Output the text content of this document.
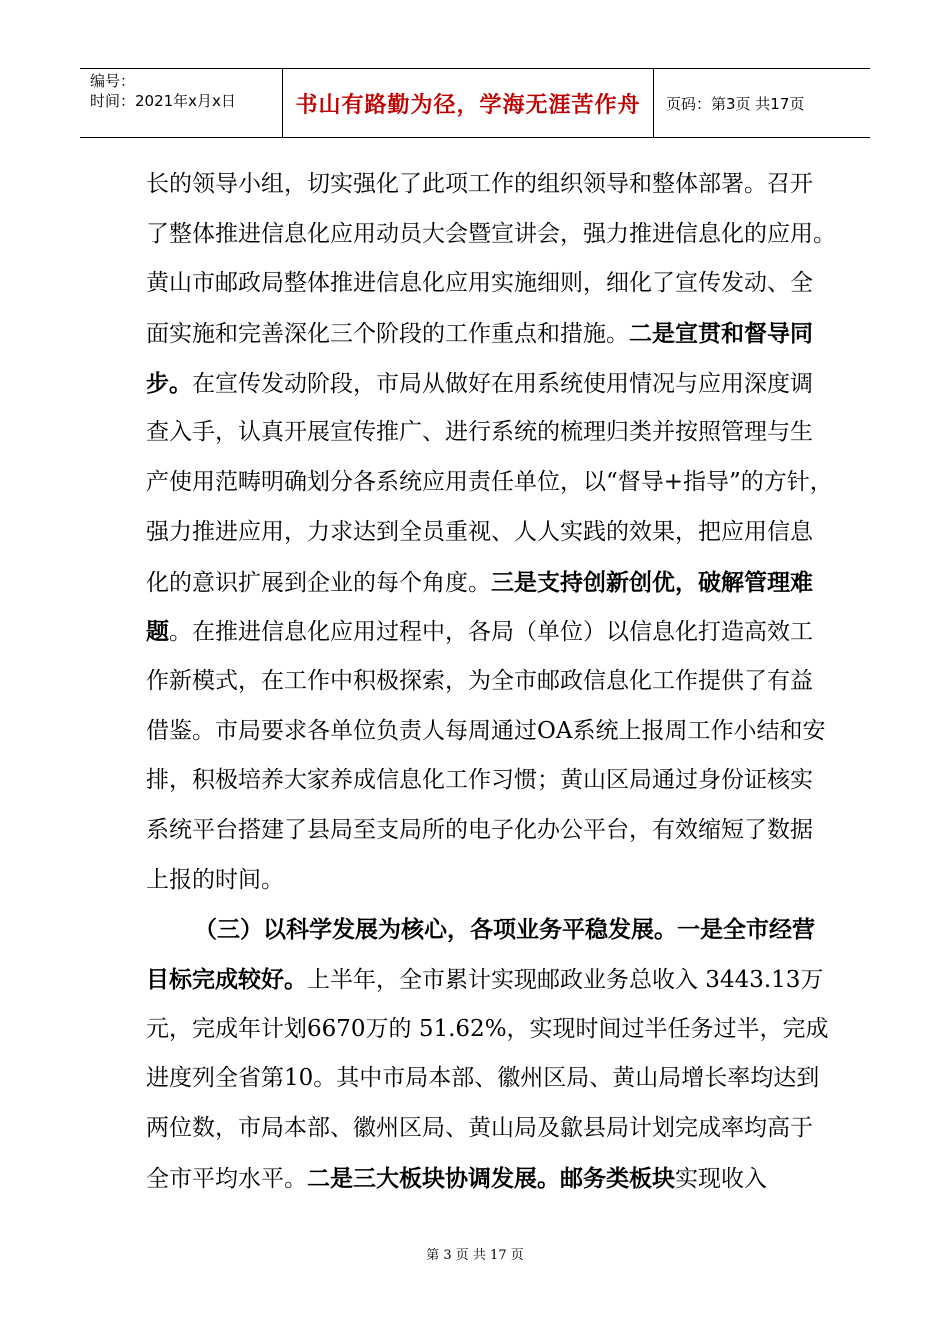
编号：
时间：2021年x月x日	书山有路勤为径，学海无涯苦作舟 页码：第3页 共17页
长的领导小组，切实强化了此项工作的组织领导和整体部署。召开
了整体推进信息化应用动员大会暨宣讲会，强力推进信息化的应用。
黄山市邮政局整体推进信息化应用实施细则，细化了宣传发动、全
面实施和完善深化三个阶段的工作重点和措施。二是宣贯和督导同
步。在宣传发动阶段，市局从做好在用系统使用情况与应用深度调
查入手，认真开展宣传推广、进行系统的梳理归类并按照管理与生
产使用范畴明确划分各系统应用责任单位，以“督导+指导”的方针，
强力推进应用，力求达到全员重视、人人实践的效果，把应用信息
化的意识扩展到企业的每个角度。三是支持创新创优，破解管理难
题。在推进信息化应用过程中，各局（单位）以信息化打造高效工
作新模式，在工作中积极探索，为全市邮政信息化工作提供了有益
借鉴。市局要求各单位负责人每周通过OA系统上报周工作小结和安
排，积极培养大家养成信息化工作习惯；黄山区局通过身份证核实
系统平台搭建了县局至支局所的电子化办公平台，有效缩短了数据
上报的时间。
（三）以科学发展为核心，各项业务平稳发展。一是全市经营
目标完成较好。上半年，全市累计实现邮政业务总收入 3443.13万
元，完成年计划6670万的 51.62%，实现时间过半任务过半，完成
进度列全省第10。其中市局本部、徽州区局、黄山局增长率均达到
两位数，市局本部、徽州区局、黄山局及歙县局计划完成率均高于
全市平均水平。二是三大板块协调发展。邮务类板块实现收入
第 3 页 共 17 页
